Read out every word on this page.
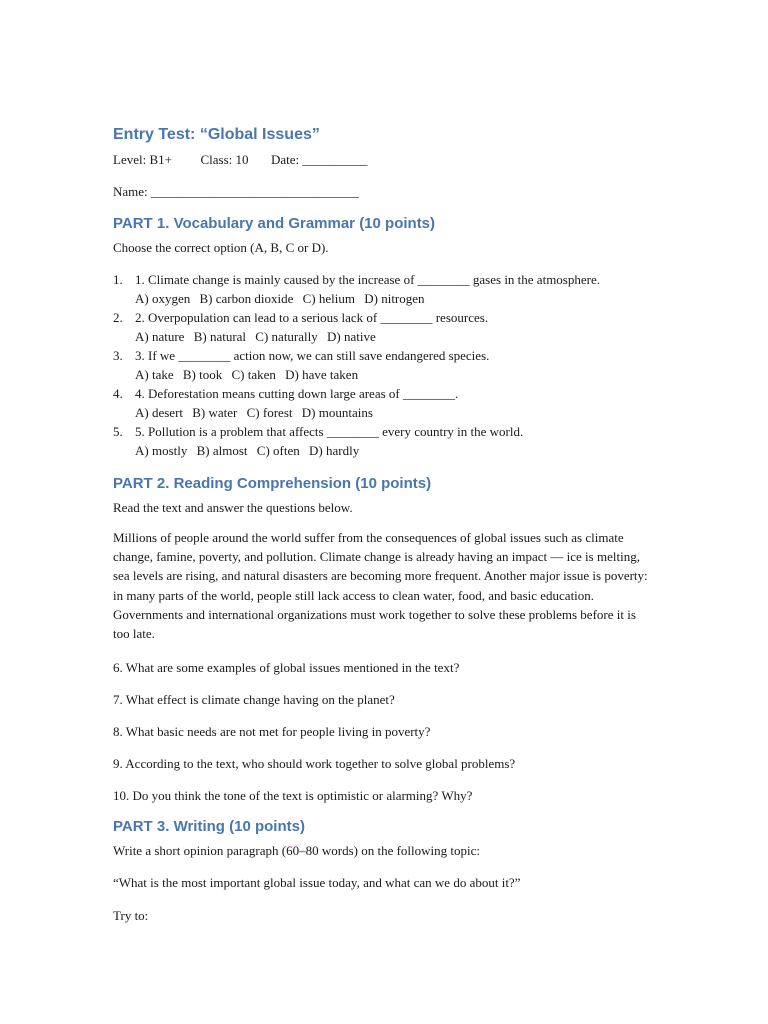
Entry Test: “Global Issues”
Level: B1+ Class: 10 Date: __________
Name: ________________________________
PART 1. Vocabulary and Grammar (10 points)
Choose the correct option (A, B, C or D).
1. 1. Climate change is mainly caused by the increase of ________ gases in the atmosphere.
A) oxygen B) carbon dioxide C) helium D) nitrogen
2. 2. Overpopulation can lead to a serious lack of ________ resources.
A) nature B) natural C) naturally D) native
3. 3. If we ________ action now, we can still save endangered species.
A) take B) took C) taken D) have taken
4. 4. Deforestation means cutting down large areas of ________.
A) desert B) water C) forest D) mountains
5. 5. Pollution is a problem that affects ________ every country in the world.
A) mostly B) almost C) often D) hardly
PART 2. Reading Comprehension (10 points)
Read the text and answer the questions below.
Millions of people around the world suffer from the consequences of global issues such as climate change, famine, poverty, and pollution. Climate change is already having an impact — ice is melting, sea levels are rising, and natural disasters are becoming more frequent. Another major issue is poverty: in many parts of the world, people still lack access to clean water, food, and basic education. Governments and international organizations must work together to solve these problems before it is too late.
6. What are some examples of global issues mentioned in the text?
7. What effect is climate change having on the planet?
8. What basic needs are not met for people living in poverty?
9. According to the text, who should work together to solve global problems?
10. Do you think the tone of the text is optimistic or alarming? Why?
PART 3. Writing (10 points)
Write a short opinion paragraph (60–80 words) on the following topic:
“What is the most important global issue today, and what can we do about it?”
Try to:
